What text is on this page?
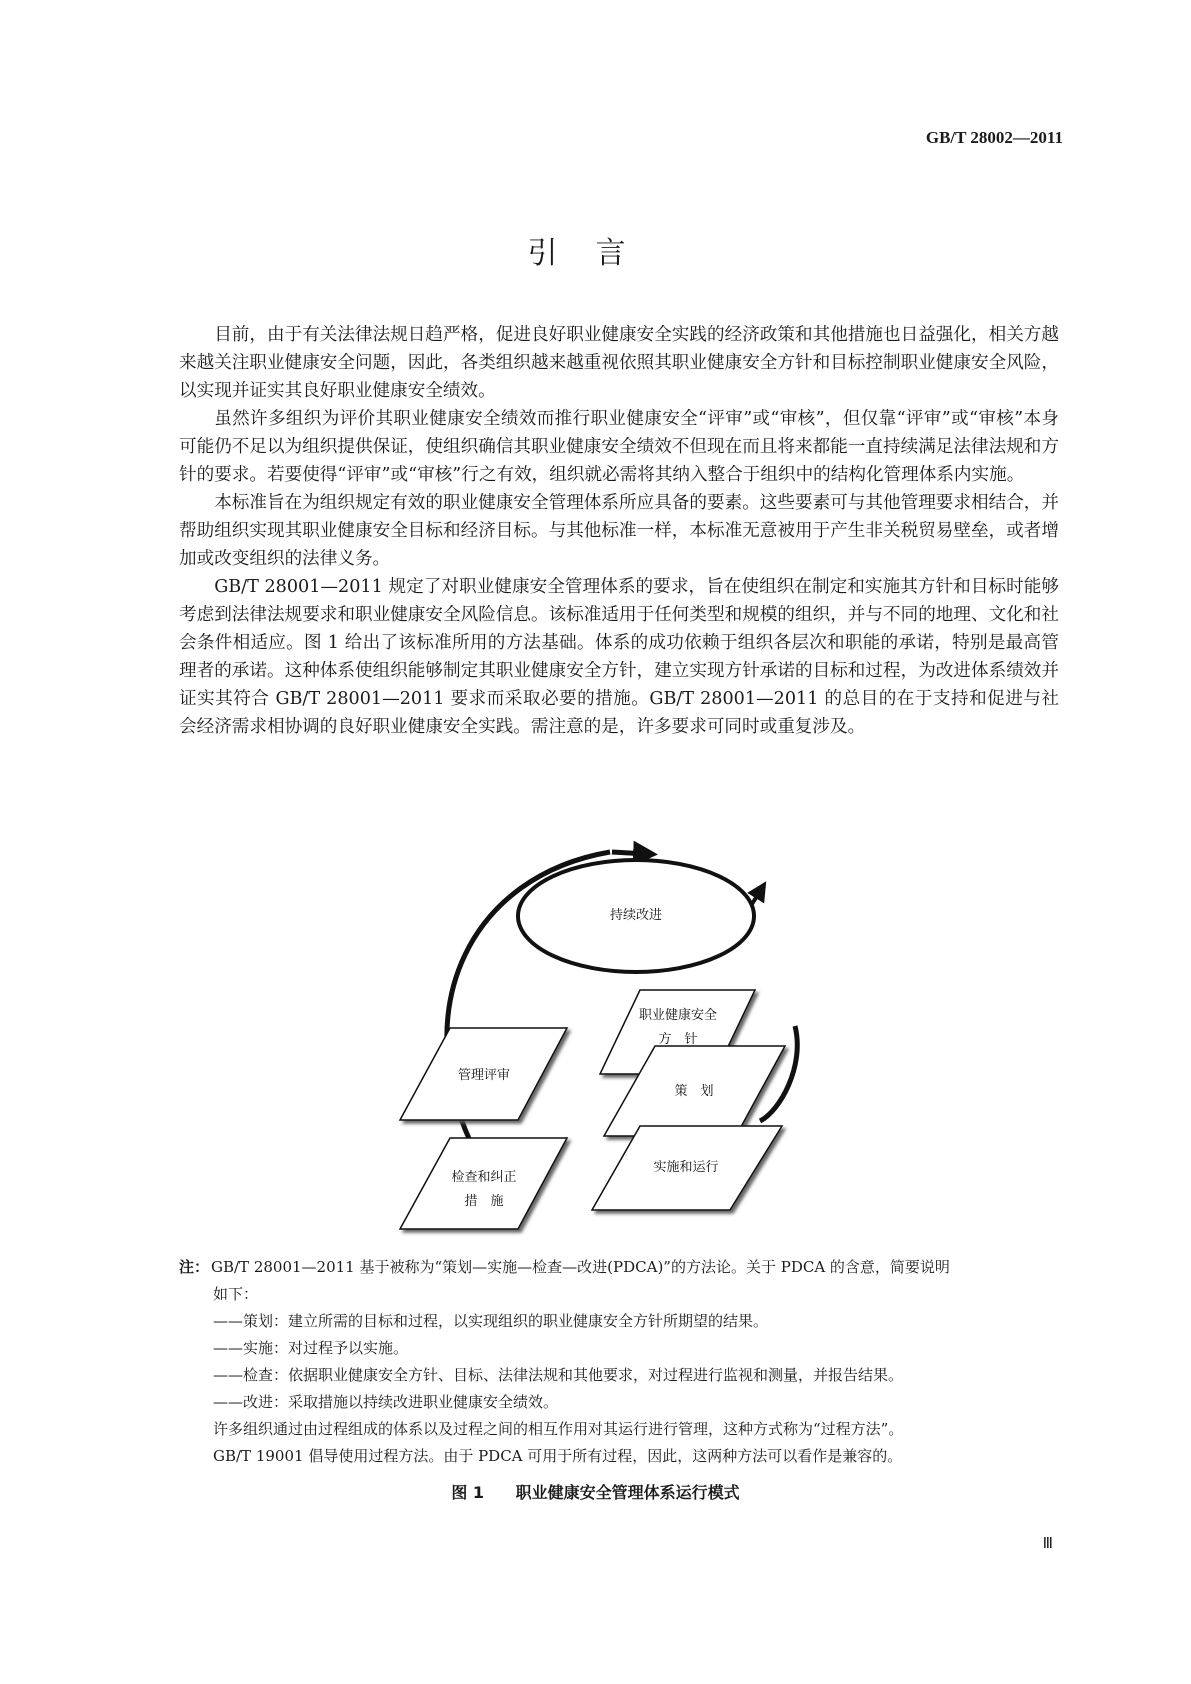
GB/T 28002—2011
引言

目前，由于有关法律法规日趋严格，促进良好职业健康安全实践的经济政策和其他措施也日益强化，相关方越来越关注职业健康安全问题，因此，各类组织越来越重视依照其职业健康安全方针和目标控制职业健康安全风险，以实现并证实其良好职业健康安全绩效。

虽然许多组织为评价其职业健康安全绩效而推行职业健康安全“评审”或“审核”，但仅靠“评审”或“审核”本身可能仍不足以为组织提供保证，使组织确信其职业健康安全绩效不但现在而且将来都能一直持续满足法律法规和方针的要求。若要使得“评审”或“审核”行之有效，组织就必需将其纳入整合于组织中的结构化管理体系内实施。

本标准旨在为组织规定有效的职业健康安全管理体系所应具备的要素。这些要素可与其他管理要求相结合，并帮助组织实现其职业健康安全目标和经济目标。与其他标准一样，本标准无意被用于产生非关税贸易壁垒，或者增加或改变组织的法律义务。

GB/T 28001—2011 规定了对职业健康安全管理体系的要求，旨在使组织在制定和实施其方针和目标时能够考虑到法律法规要求和职业健康安全风险信息。该标准适用于任何类型和规模的组织，并与不同的地理、文化和社会条件相适应。图 1 给出了该标准所用的方法基础。体系的成功依赖于组织各层次和职能的承诺，特别是最高管理者的承诺。这种体系使组织能够制定其职业健康安全方针，建立实现方针承诺的目标和过程，为改进体系绩效并证实其符合 GB/T 28001—2011 要求而采取必要的措施。GB/T 28001—2011 的总目的在于支持和促进与社会经济需求相协调的良好职业健康安全实践。需注意的是，许多要求可同时或重复涉及。

持续改进
职业健康安全
方　针
管理评审
策　划
检查和纠正
措　施
实施和运行
注： GB/T 28001—2011 基于被称为“策划—实施—检查—改进(PDCA)”的方法论。关于 PDCA 的含意，简要说明
如下：
——策划：建立所需的目标和过程，以实现组织的职业健康安全方针所期望的结果。
——实施：对过程予以实施。
——检查：依据职业健康安全方针、目标、法律法规和其他要求，对过程进行监视和测量，并报告结果。
——改进：采取措施以持续改进职业健康安全绩效。
许多组织通过由过程组成的体系以及过程之间的相互作用对其运行进行管理，这种方式称为“过程方法”。
GB/T 19001 倡导使用过程方法。由于 PDCA 可用于所有过程，因此，这两种方法可以看作是兼容的。
图 1 职业健康安全管理体系运行模式
Ⅲ
